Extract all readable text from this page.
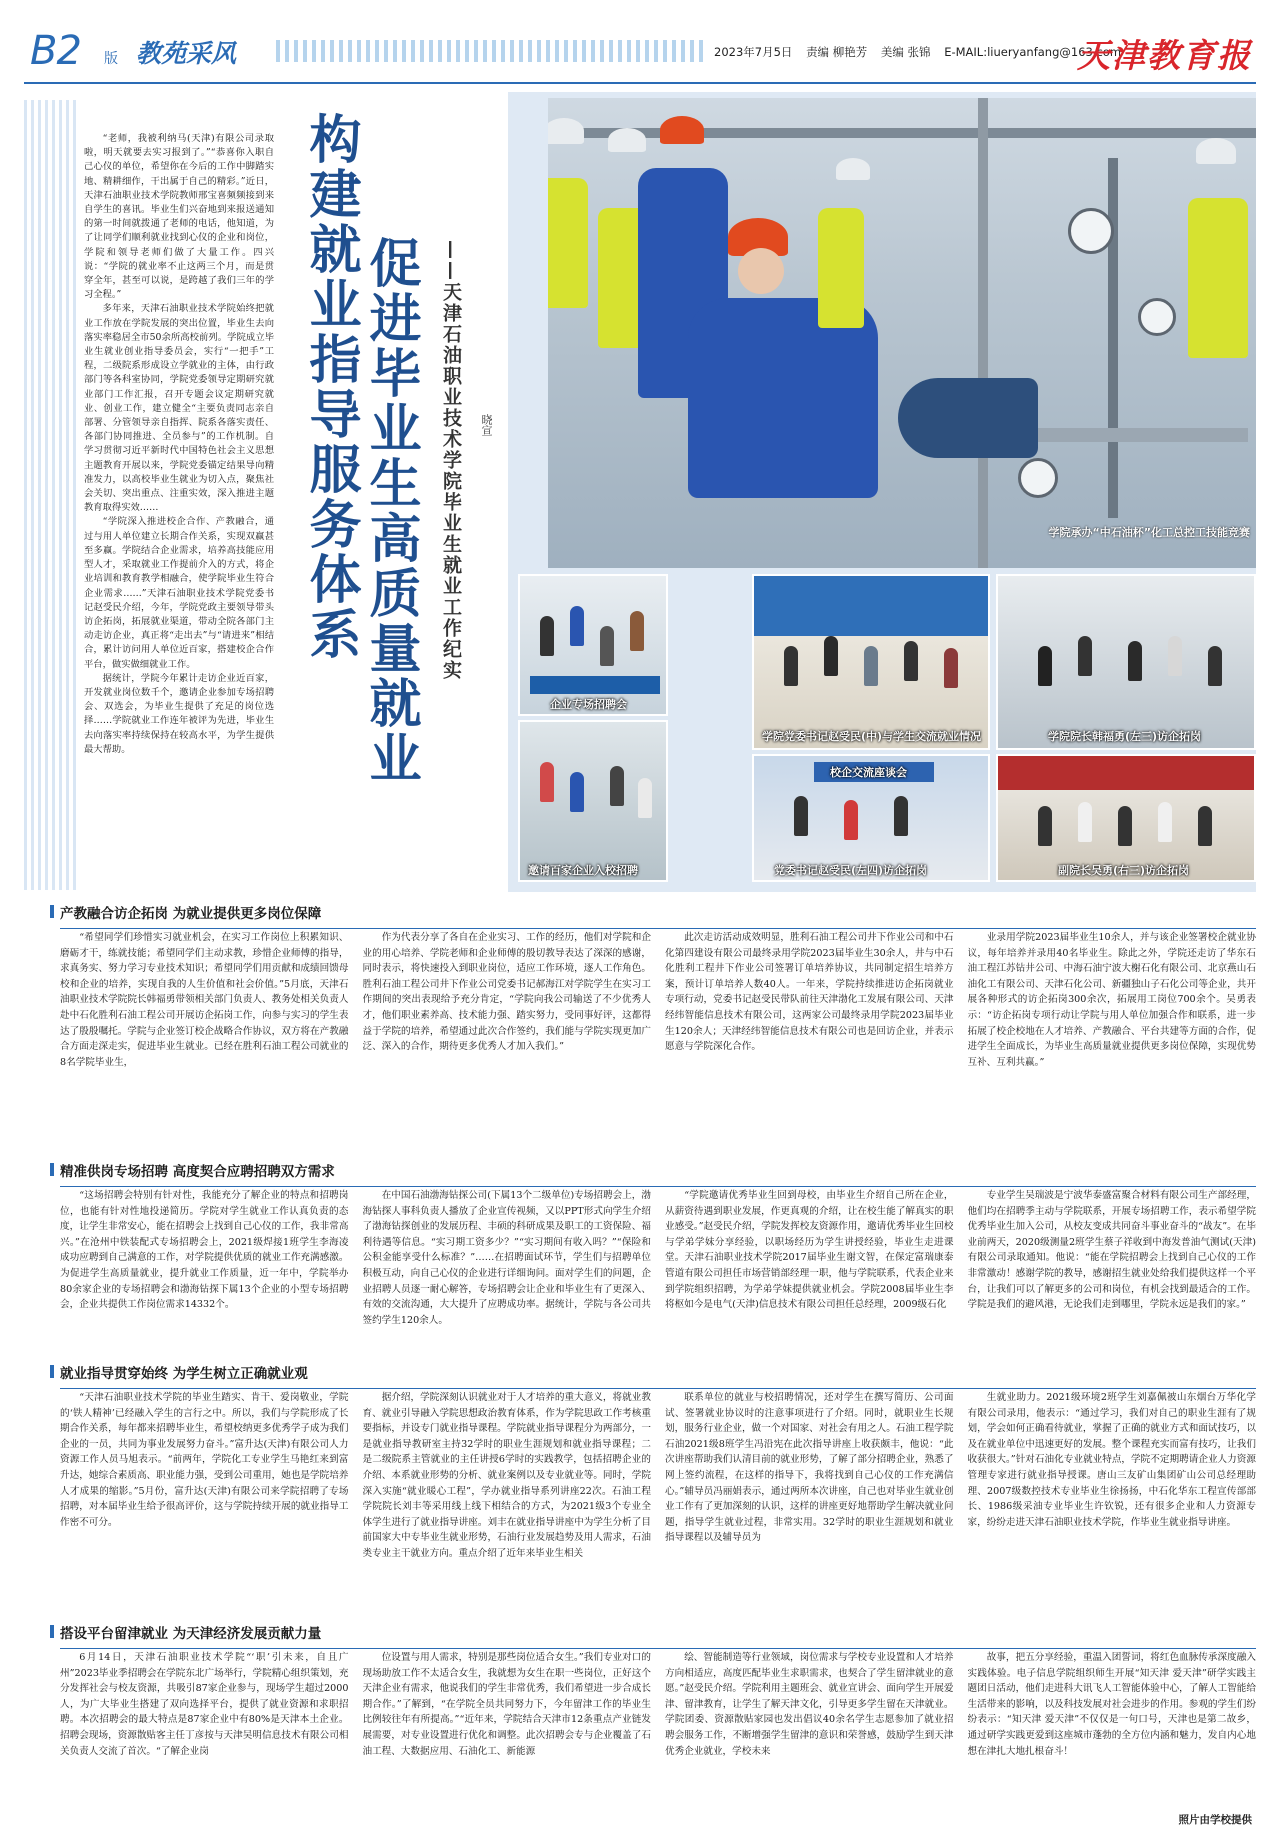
B2 版 教苑采风	2023年7月5日 责编 柳艳芳 美编 张锦 E-MAIL:liueryanfang@163.com
天津教育报

“老师，我被利纳马(天津)有限公司录取啦，明天就要去实习报到了。”“恭喜你入职自己心仪的单位，希望你在今后的工作中脚踏实地、精耕细作，干出属于自己的精彩。”近日，天津石油职业技术学院教师邢宝喜频频接到来自学生的喜讯。毕业生们兴奋地到来报送通知的第一时间就拨通了老师的电话，他知道，为了让同学们顺利就业找到心仪的企业和岗位，学院和领导老师们做了大量工作。四兴说：“学院的就业率不止这两三个月，而是贯穿全年，甚至可以说，是跨越了我们三年的学习全程。”

多年来，天津石油职业技术学院始终把就业工作放在学院发展的突出位置，毕业生去向落实率稳居全市50余所高校前列。学院成立毕业生就业创业指导委员会，实行“一把手”工程，二级院系形成设立学就业的主体，由行政部门等各科室协同，学院党委领导定期研究就业部门工作汇报，召开专题会议定期研究就业、创业工作，建立健全“主要负责同志亲自部署、分管领导亲自指挥、院系各落实责任、各部门协同推进、全员参与”的工作机制。自学习贯彻习近平新时代中国特色社会主义思想主题教育开展以来，学院党委锚定结果导向精准发力，以高校毕业生就业为切入点，聚焦社会关切、突出重点、注重实效，深入推进主题教育取得实效……

“学院深入推进校企合作、产教融合，通过与用人单位建立长期合作关系，实现双赢甚至多赢。学院结合企业需求，培养高技能应用型人才，采取就业工作提前介入的方式，将企业培训和教育教学相融合，使学院毕业生符合企业需求……”天津石油职业技术学院党委书记赵受民介绍，今年，学院党政主要领导带头访企拓岗，拓展就业渠道，带动全院各部门主动走访企业，真正将“走出去”与“请进来”相结合，累计访问用人单位近百家，搭建校企合作平台，做实做细就业工作。

据统计，学院今年累计走访企业近百家，开发就业岗位数千个，邀请企业参加专场招聘会、双选会，为毕业生提供了充足的岗位选择……学院就业工作连年被评为先进，毕业生去向落实率持续保持在较高水平，为学生提供最大帮助。

构建就业指导服务体系 促进毕业生高质量就业 ——天津石油职业技术学院毕业生就业工作纪实 晓宣
学院承办“中石油杯”化工总控工技能竞赛
企业专场招聘会
学院党委书记赵受民(中)与学生交流就业情况	学院院长韩福勇(左三)访企拓岗
邀请百家企业入校招聘
校企交流座谈会
党委书记赵受民(左四)访企拓岗	副院长吴勇(右三)访企拓岗
产教融合访企拓岗 为就业提供更多岗位保障

“希望同学们珍惜实习就业机会，在实习工作岗位上积累知识、磨砺才干，练就技能；希望同学们主动求教，珍惜企业师傅的指导，求真务实、努力学习专业技术知识；希望同学们用贡献和成绩回馈母校和企业的培养，实现自我的人生价值和社会价值。”5月底，天津石油职业技术学院院长韩福勇带领相关部门负责人、教务处相关负责人赴中石化胜利石油工程公司开展访企拓岗工作，向参与实习的学生表达了殷殷嘱托。学院与企业签订校企战略合作协议，双方将在产教融合方面走深走实，促进毕业生就业。已经在胜利石油工程公司就业的8名学院毕业生，

作为代表分享了各自在企业实习、工作的经历，他们对学院和企业的用心培养、学院老师和企业师傅的殷切教导表达了深深的感谢，同时表示，将快速投入到职业岗位，适应工作环境，逐人工作角色。胜利石油工程公司井下作业公司党委书记郝海江对学院学生在实习工作期间的突出表现给予充分肯定，“学院向我公司输送了不少优秀人才，他们职业素养高、技术能力强、踏实努力，受同事好评，这都得益于学院的培养，希望通过此次合作签约，我们能与学院实现更加广泛、深入的合作，期待更多优秀人才加入我们。”

此次走访活动成效明显，胜利石油工程公司井下作业公司和中石化第四建设有限公司最终录用学院2023届毕业生30余人，井与中石化胜利工程井下作业公司签署订单培养协议，共同制定招生培养方案，预计订单培养人数40人。一年来，学院持续推进访企拓岗就业专项行动，党委书记赵受民带队前往天津渤化工发展有限公司、天津经纬智能信息技术有限公司，这两家公司最终录用学院2023届毕业生120余人；天津经纬智能信息技术有限公司也是回访企业，并表示愿意与学院深化合作。

业录用学院2023届毕业生10余人，并与该企业签署校企就业协议，每年培养并录用40名毕业生。除此之外，学院还走访了华东石油工程江苏钻井公司、中海石油宁波大榭石化有限公司、北京燕山石油化工有限公司、天津石化公司、新疆独山子石化公司等企业，共开展各种形式的访企拓岗300余次，拓展用工岗位700余个。吴勇表示：“访企拓岗专项行动让学院与用人单位加强合作和联系，进一步拓展了校企校地在人才培养、产教融合、平台共建等方面的合作，促进学生全面成长，为毕业生高质量就业提供更多岗位保障，实现优势互补、互利共赢。”

精准供岗专场招聘 高度契合应聘招聘双方需求

“这场招聘会特别有针对性，我能充分了解企业的特点和招聘岗位，也能有针对性地投递简历。学院对学生就业工作认真负责的态度，让学生非常安心，能在招聘会上找到自己心仪的工作，我非常高兴。”在沧州中铁装配式专场招聘会上，2021级焊接1班学生李海凌成功应聘到自己满意的工作，对学院提供优质的就业工作充满感激。为促进学生高质量就业，提升就业工作质量，近一年中，学院举办80余家企业的专场招聘会和渤海钻探下属13个企业的小型专场招聘会，企业共提供工作岗位需求14332个。

在中国石油渤海钻探公司(下属13个二级单位)专场招聘会上，渤海钻探人事科负责人播放了企业宣传视频，又以PPT形式向学生介绍了渤海钻探创业的发展历程、丰硕的科研成果及职工的工资保险、福利待遇等信息。“实习期工资多少？”“实习期间有收入吗？”“保险和公积金能享受什么标准？”……在招聘面试环节，学生们与招聘单位积极互动，向自己心仪的企业进行详细询问。面对学生们的问题，企业招聘人员逐一耐心解答，专场招聘会让企业和毕业生有了更深入、有效的交流沟通，大大提升了应聘成功率。据统计，学院与各公司共签约学生120余人。

“学院邀请优秀毕业生回到母校，由毕业生介绍自己所在企业，从薪资待遇到职业发展，作更真观的介绍，让在校生能了解真实的职业感受。”赵受民介绍，学院发挥校友资源作用，邀请优秀毕业生回校与学弟学妹分享经验，以职场经历为学生讲授经验，毕业生走进课堂。天津石油职业技术学院2017届毕业生谢文智，在保定富瑞康泰管道有限公司担任市场营销部经理一职，他与学院联系，代表企业来到学院组织招聘，为学弟学妹提供就业机会。学院2008届毕业生李将枢如今是电气(天津)信息技术有限公司担任总经理，2009级石化

专业学生吴瑞波是宁波华泰盛富聚合材料有限公司生产部经理，他们均在招聘季主动与学院联系，开展专场招聘工作，表示希望学院优秀毕业生加入公司，从校友变成共同奋斗事业奋斗的“战友”。在毕业前两天，2020级测量2班学生蔡子祥收到中海发普油气测试(天津)有限公司录取通知。他说：“能在学院招聘会上找到自己心仪的工作非常激动！感谢学院的教导，感谢招生就业处给我们提供这样一个平台，让我们可以了解更多的公司和岗位，有机会找到最适合的工作。学院是我们的避风港，无论我们走到哪里，学院永远是我们的家。”

就业指导贯穿始终 为学生树立正确就业观

“天津石油职业技术学院的毕业生踏实、肯干、爱岗敬业，学院的‘铁人精神’已经融入学生的言行之中。所以，我们与学院形成了长期合作关系，每年都来招聘毕业生，希望校纳更多优秀学子成为我们企业的一员，共同为事业发展努力奋斗。”富升达(天津)有限公司人力资源工作人员马旭表示。“前两年，学院化工专业学生马艳红来到富升达，她综合素质高、职业能力强，受到公司重用，她也是学院培养人才成果的缩影。”5月份，富升达(天津)有限公司来学院招聘了专场招聘，对本届毕业生给予很高评价，这与学院持续开展的就业指导工作密不可分。

据介绍，学院深刻认识就业对于人才培养的重大意义，将就业教育、就业引导融入学院思想政治教育体系，作为学院思政工作考核重要指标，并设专门就业指导课程。学院就业指导课程分为两部分，一是就业指导教研室主持32学时的职业生涯规划和就业指导课程；二是二级院系主管就业的主任讲授6学时的实践教学，包括招聘企业的介绍、本系就业形势的分析、就业案例以及专业就业等。同时，学院深入实施“就业暖心工程”，学办就业指导系列讲座22次。石油工程学院院长刘丰等采用线上线下相结合的方式，为2021级3个专业全体学生进行了就业指导讲座。刘丰在就业指导讲座中为学生分析了目前国家大中专毕业生就业形势，石油行业发展趋势及用人需求，石油类专业主干就业方向。重点介绍了近年来毕业生相关

联系单位的就业与校招聘情况，还对学生在撰写简历、公司面试、签署就业协议时的注意事项进行了介绍。同时，就职业生长规划，服务行业企业，做一个对国家、对社会有用之人。石油工程学院石油2021级8班学生冯沿宪在此次指导讲座上收获颇丰，他说：“此次讲座帮助我们认清目前的就业形势，了解了部分招聘企业，熟悉了网上签约流程，在这样的指导下，我将找到自己心仪的工作充满信心。”辅导员冯丽娟表示，通过两所本次讲座，自己也对毕业生就业创业工作有了更加深刻的认识，这样的讲座更好地帮助学生解决就业问题，指导学生就业过程，非常实用。32学时的职业生涯规划和就业指导课程以及辅导员为

生就业助力。2021级环境2班学生刘嘉佩被山东烟台万华化学有限公司录用，他表示：“通过学习，我们对自己的职业生涯有了规划，学会如何正确看待就业，掌握了正确的就业方式和面试技巧，以及在就业单位中迅速更好的发展。整个课程充实而富有技巧，让我们收获很大。”针对石油化专业就业特点，学院不定期聘请企业人力资源管理专家进行就业指导授课。唐山三友矿山集团矿山公司总经理助理、2007级数控技术专业毕业生徐扬扬，中石化华东工程宣传部部长、1986级采油专业毕业生许钦锐，还有很多企业和人力资源专家，纷纷走进天津石油职业技术学院，作毕业生就业指导讲座。

搭设平台留津就业 为天津经济发展贡献力量

6月14日，天津石油职业技术学院“‘职’引未来，自且广州”2023毕业季招聘会在学院东北广场举行，学院精心组织策划，充分发挥社会与校友资源，共吸引87家企业参与，现场学生超过2000人，为广大毕业生搭建了双向选择平台，提供了就业资源和求职招聘。本次招聘会的最大特点是87家企业中有80%是天津本土企业。招聘会现场，资源散贴客主任丁彦按与天津吴明信息技术有限公司相关负责人交流了首次。“了解企业岗

位设置与用人需求，特别是那些岗位适合女生。”我们专业对口的现场助放工作不太适合女生，我就想为女生在职一些岗位，正好这个天津企业有需求，他说我们的学生非常优秀，我们希望进一步合成长期合作。”了解到，“在学院全员共同努力下，今年留津工作的毕业生比例较往年有所提高。”“近年来，学院结合天津市12条重点产业链发展需要，对专业设置进行优化和调整。此次招聘会专与企业覆盖了石油工程、大数据应用、石油化工、新能源

绘、智能制造等行业领域，岗位需求与学校专业设置和人才培养方向相适应，高度匹配毕业生求职需求，也契合了学生留津就业的意愿。”赵受民介绍。学院利用主题班会、就业宣讲会、面向学生开展爱津、留津教育，让学生了解天津文化，引导更多学生留在天津就业。学院团委、资源散贴家园也发出倡议40余名学生志愿参加了就业招聘会服务工作，不断增强学生留津的意识和荣誉感，鼓励学生到天津优秀企业就业，学校未来

故事，把五分享经验，重温入团誓词，将红色血脉传承深度融入实践体验。电子信息学院组织师生开展“知天津 爱天津”研学实践主题团日活动，他们走进科大讯飞人工智能体验中心，了解人工智能给生活带来的影响，以及科技发展对社会进步的作用。参观的学生们纷纷表示：“知天津 爱天津”不仅仅是一句口号，天津也是第二故乡，通过研学实践更爱到这座城市蓬勃的全方位内涵和魅力，发自内心地想在津扎大地扎根奋斗！

照片由学校提供
